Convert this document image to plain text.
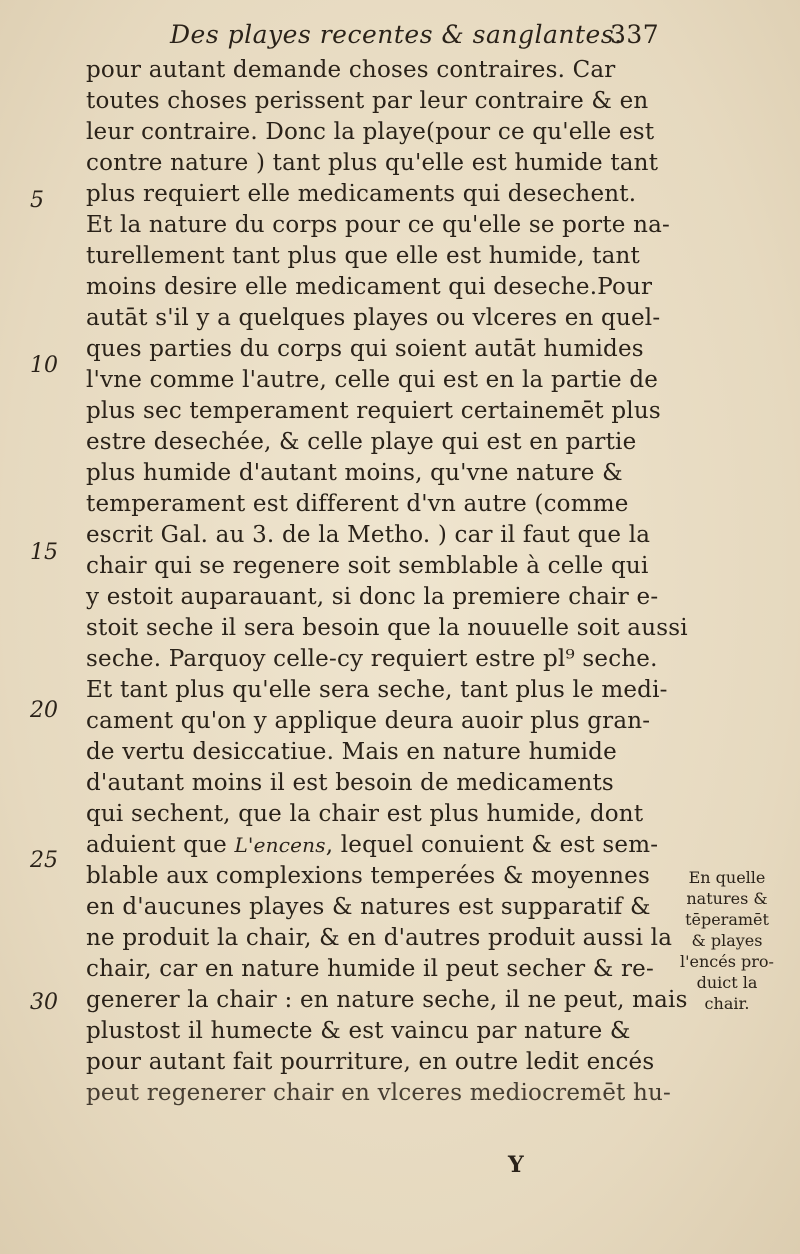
Des playes recentes & sanglantes.
337
5
10
15
20
25
30
pour autant demande choses contraires. Car
toutes choses perissent par leur contraire & en
leur contraire. Donc la playe(pour ce qu'elle est
contre nature ) tant plus qu'elle est humide tant
plus requiert elle medicaments qui desechent.
Et la nature du corps pour ce qu'elle se porte na-
turellement tant plus que elle est humide, tant
moins desire elle medicament qui deseche.Pour
autāt s'il y a quelques playes ou vlceres en quel-
ques parties du corps qui soient autāt humides
l'vne comme l'autre, celle qui est en la partie de
plus sec temperament requiert certainemēt plus
estre desechée, & celle playe qui est en partie
plus humide d'autant moins, qu'vne nature &
temperament est different d'vn autre (comme
escrit Gal. au 3. de la Metho. ) car il faut que la
chair qui se regenere soit semblable à celle qui
y estoit auparauant, si donc la premiere chair e-
stoit seche il sera besoin que la nouuelle soit aussi
seche. Parquoy celle-cy requiert estre pl⁹ seche.
Et tant plus qu'elle sera seche, tant plus le medi-
cament qu'on y applique deura auoir plus gran-
de vertu desiccatiue. Mais en nature humide
d'autant moins il est besoin de medicaments
qui sechent, que la chair est plus humide, dont
aduient que L'encens, lequel conuient & est sem-
blable aux complexions temperées & moyennes
en d'aucunes playes & natures est supparatif &
ne produit la chair, & en d'autres produit aussi la
chair, car en nature humide il peut secher & re-
generer la chair : en nature seche, il ne peut, mais
plustost il humecte & est vaincu par nature &
pour autant fait pourriture, en outre ledit encés
peut regenerer chair en vlceres mediocremēt hu-
En quelle
natures &
tēperamēt
& playes
l'encés pro-
duict la
chair.
Y
